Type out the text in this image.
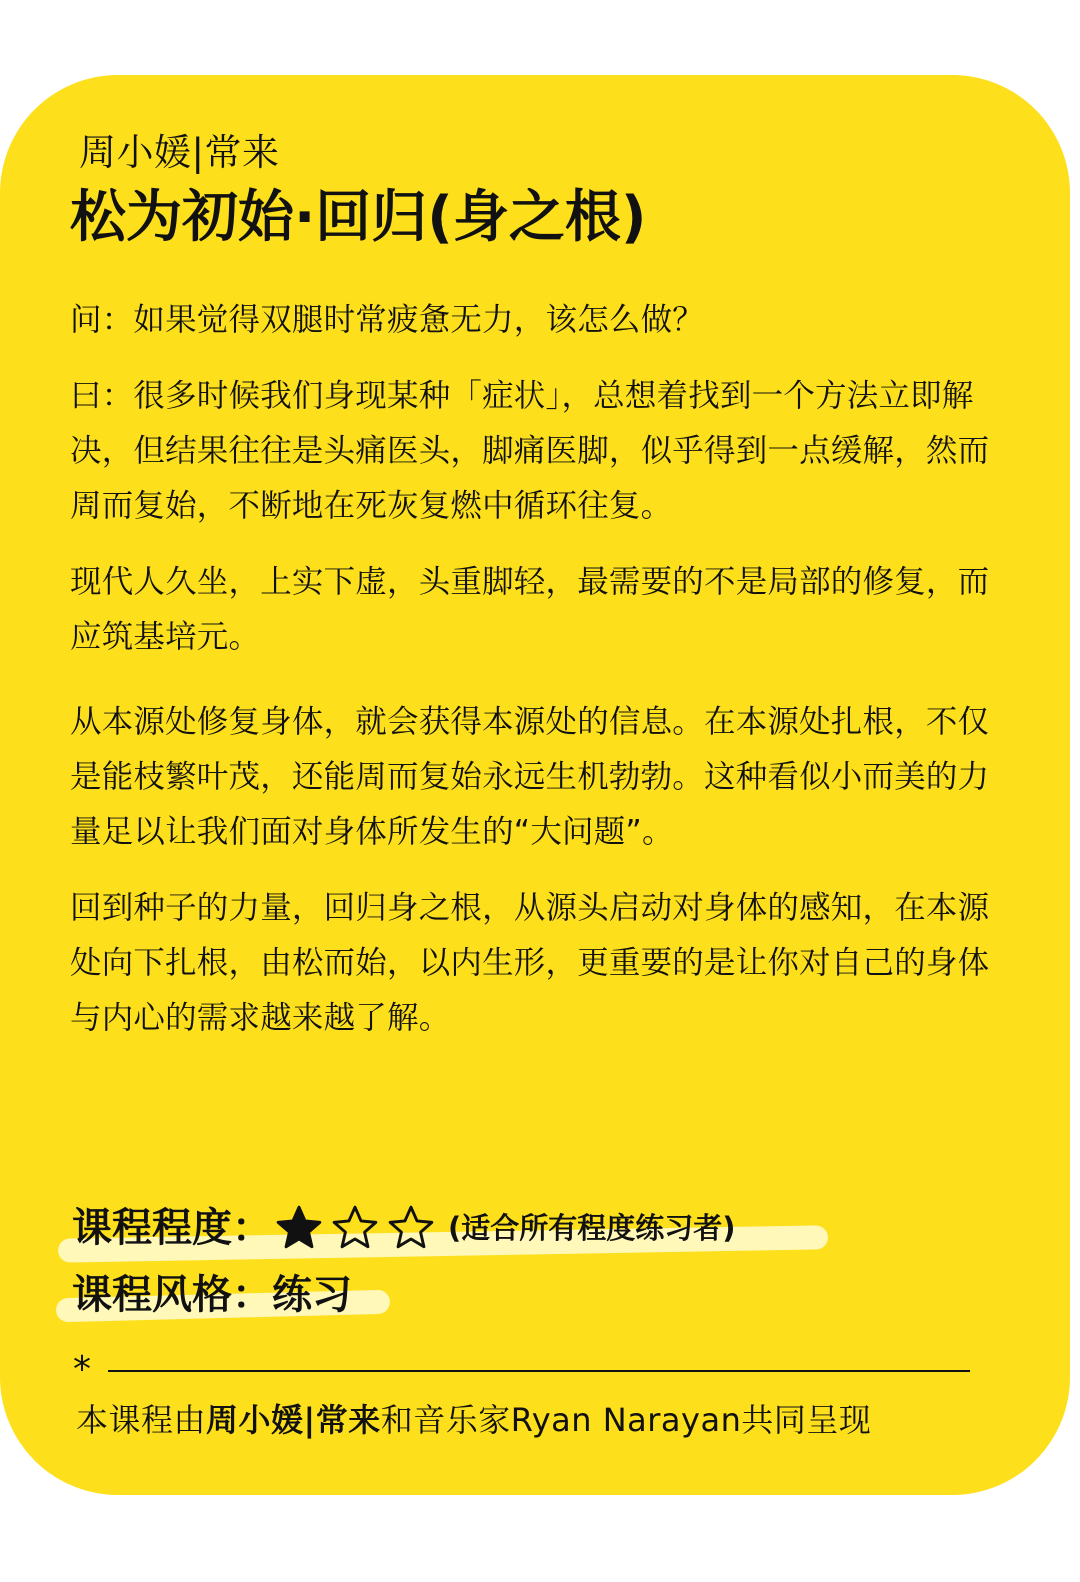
周小媛|常来
松为初始·回归(身之根)

问：如果觉得双腿时常疲惫无力，该怎么做？

曰：很多时候我们身现某种「症状」，总想着找到一个方法立即解决，但结果往往是头痛医头，脚痛医脚，似乎得到一点缓解，然而周而复始，不断地在死灰复燃中循环往复。

现代人久坐，上实下虚，头重脚轻，最需要的不是局部的修复，而应筑基培元。

从本源处修复身体，就会获得本源处的信息。在本源处扎根，不仅是能枝繁叶茂，还能周而复始永远生机勃勃。这种看似小而美的力量足以让我们面对身体所发生的“大问题”。

回到种子的力量，回归身之根，从源头启动对身体的感知，在本源处向下扎根，由松而始，以内生形，更重要的是让你对自己的身体与内心的需求越来越了解。

课程程度：	(适合所有程度练习者)
课程风格： 练习
*
本课程由周小媛|常来和音乐家Ryan Narayan共同呈现
